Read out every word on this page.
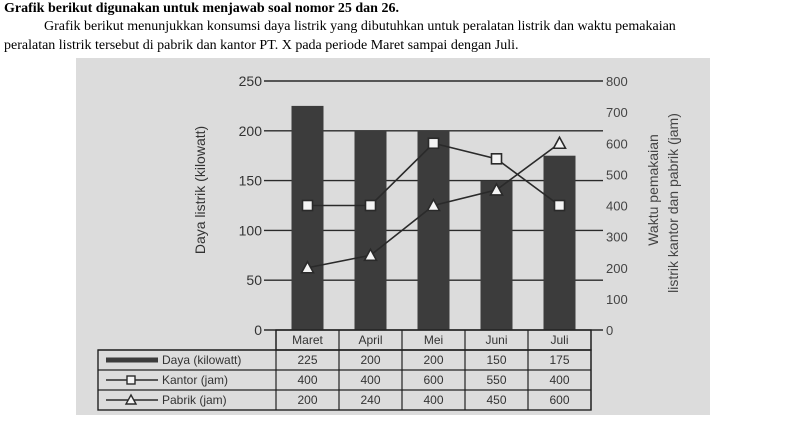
Grafik berikut digunakan untuk menjawab soal nomor 25 dan 26.
Grafik berikut menunjukkan konsumsi daya listrik yang dibutuhkan untuk peralatan listrik dan waktu pemakaian
peralatan listrik tersebut di pabrik dan kantor PT. X pada periode Maret sampai dengan Juli.
0
50
100
150
200
250
0
100
200
300
400
500
600
700
800
Daya listrik (kilowatt)	Waktu pemakaian listrik kantor dan pabrik (jam)
Maret	April	Mei	Juni	Juli
Daya (kilowatt)	225	200	200	150	175
Kantor (jam)	400	400	600	550	400
Pabrik (jam)	200	240	400	450	600
